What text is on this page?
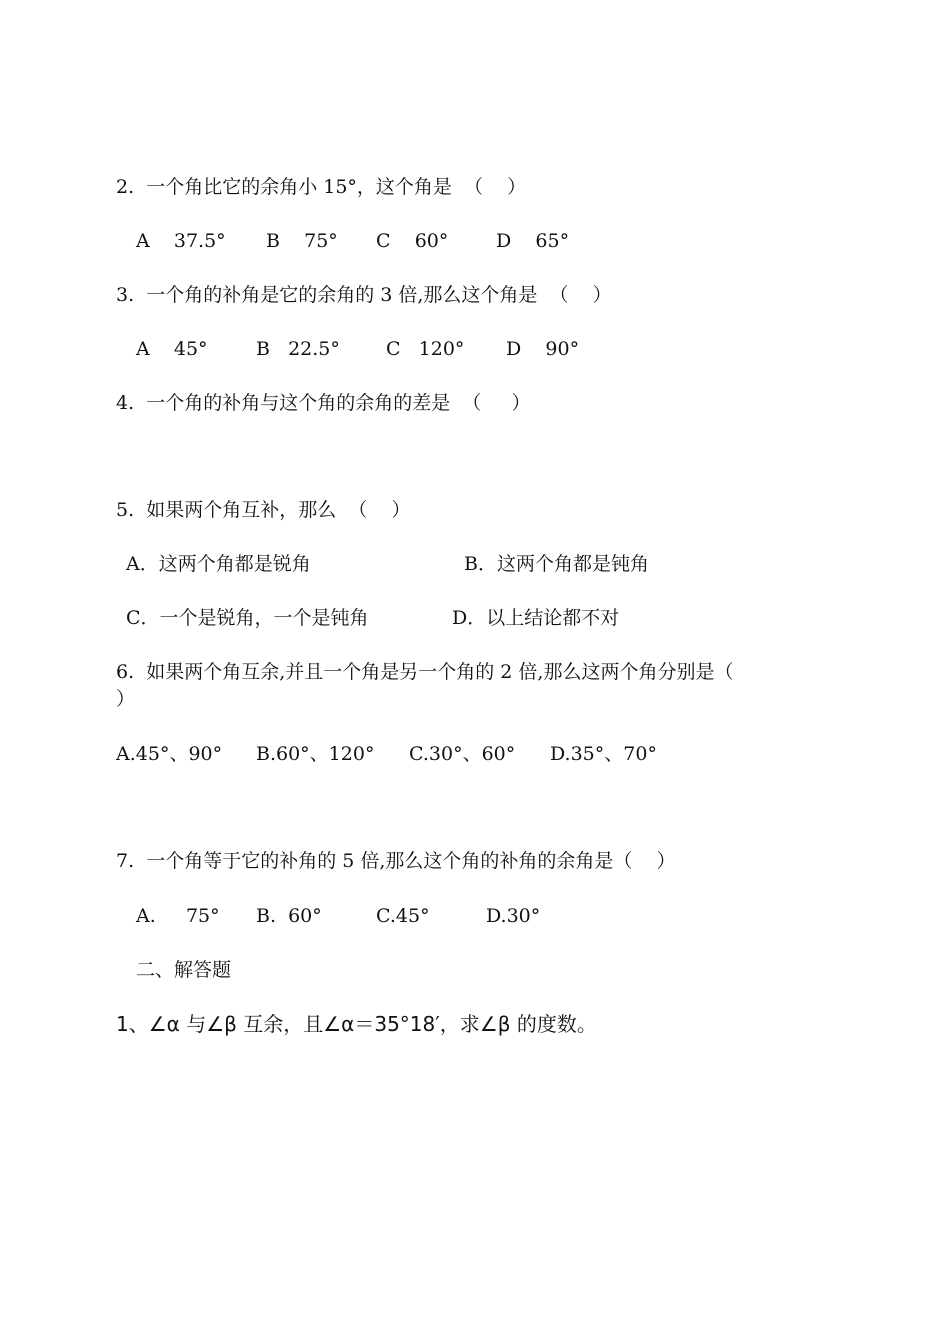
2.  一个角比它的余角小 15°，这个角是  （    ）
A    37.5° B    75° C    60°	D    65°
3.  一个角的补角是它的余角的 3 倍,那么这个角是  （    ）
A    45°	B   22.5° C   120° D    90°
4.  一个角的补角与这个角的余角的差是  （     ）
5.  如果两个角互补，那么  （    ）
A．这两个角都是锐角	B．这两个角都是钝角
C．一个是锐角，一个是钝角	D．以上结论都不对
6.  如果两个角互余,并且一个角是另一个角的 2 倍,那么这两个角分别是（
）
A.45°、90° B.60°、120° C.30°、60° D.35°、70°
7.  一个角等于它的补角的 5 倍,那么这个角的补角的余角是（    ）
A.     75° B.  60°	C.45°	D.30°
二、解答题
1、∠α 与∠β 互余，且∠α＝35°18′，求∠β 的度数。
